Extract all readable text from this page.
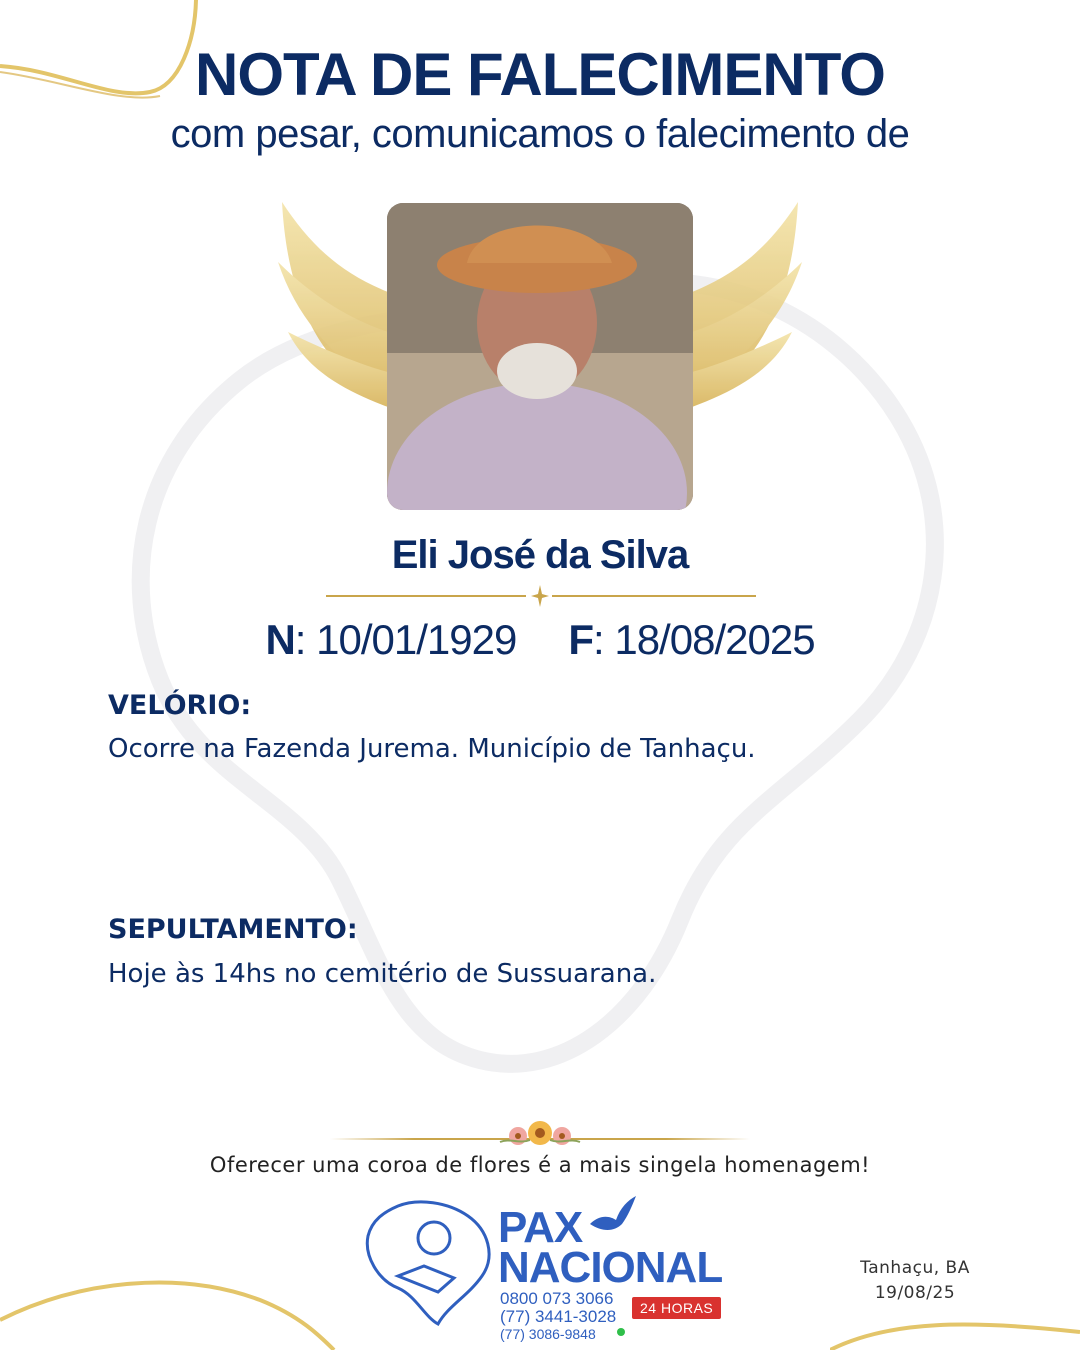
NOTA DE FALECIMENTO
com pesar, comunicamos o falecimento de
Eli José da Silva
N: 10/01/1929 F: 18/08/2025
VELÓRIO:
Ocorre na Fazenda Jurema. Município de Tanhaçu.
SEPULTAMENTO:
Hoje às 14hs no cemitério de Sussuarana.
Oferecer uma coroa de flores é a mais singela homenagem!
PAX
NACIONAL
0800 073 3066	24 HORAS
(77) 3441-3028
(77) 3086-9848
Tanhaçu, BA
19/08/25
